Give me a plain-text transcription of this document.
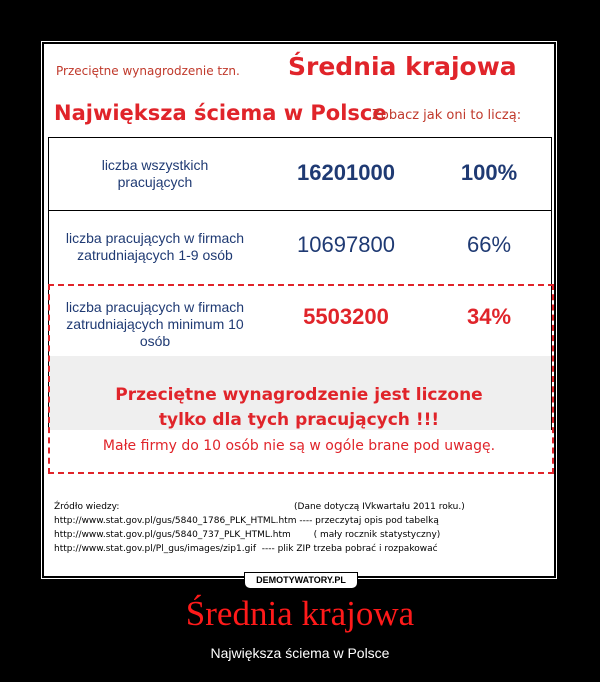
Przeciętne wynagrodzenie tzn. Średnia krajowa
Największa ściema w Polsce
Zobacz jak oni to liczą:
liczba wszystkich
pracujących	16201000	100%
liczba pracujących w firmach
zatrudniających 1-9 osób	10697800	66%
liczba pracujących w firmach
zatrudniających minimum 10
osób
5503200	34%
Przeciętne wynagrodzenie jest liczone
tylko dla tych pracujących !!!
Małe firmy do 10 osób nie są w ogóle brane pod uwagę.
Źródło wiedzy:	(Dane dotyczą IVkwartału 2011 roku.)
http://www.stat.gov.pl/gus/5840_1786_PLK_HTML.htm ---- przeczytaj opis pod tabelką
http://www.stat.gov.pl/gus/5840_737_PLK_HTML.htm        ( mały rocznik statystyczny)
http://www.stat.gov.pl/Pl_gus/images/zip1.gif  ---- plik ZIP trzeba pobrać i rozpakować
DEMOTYWATORY.PL
Średnia krajowa
Największa ściema w Polsce
